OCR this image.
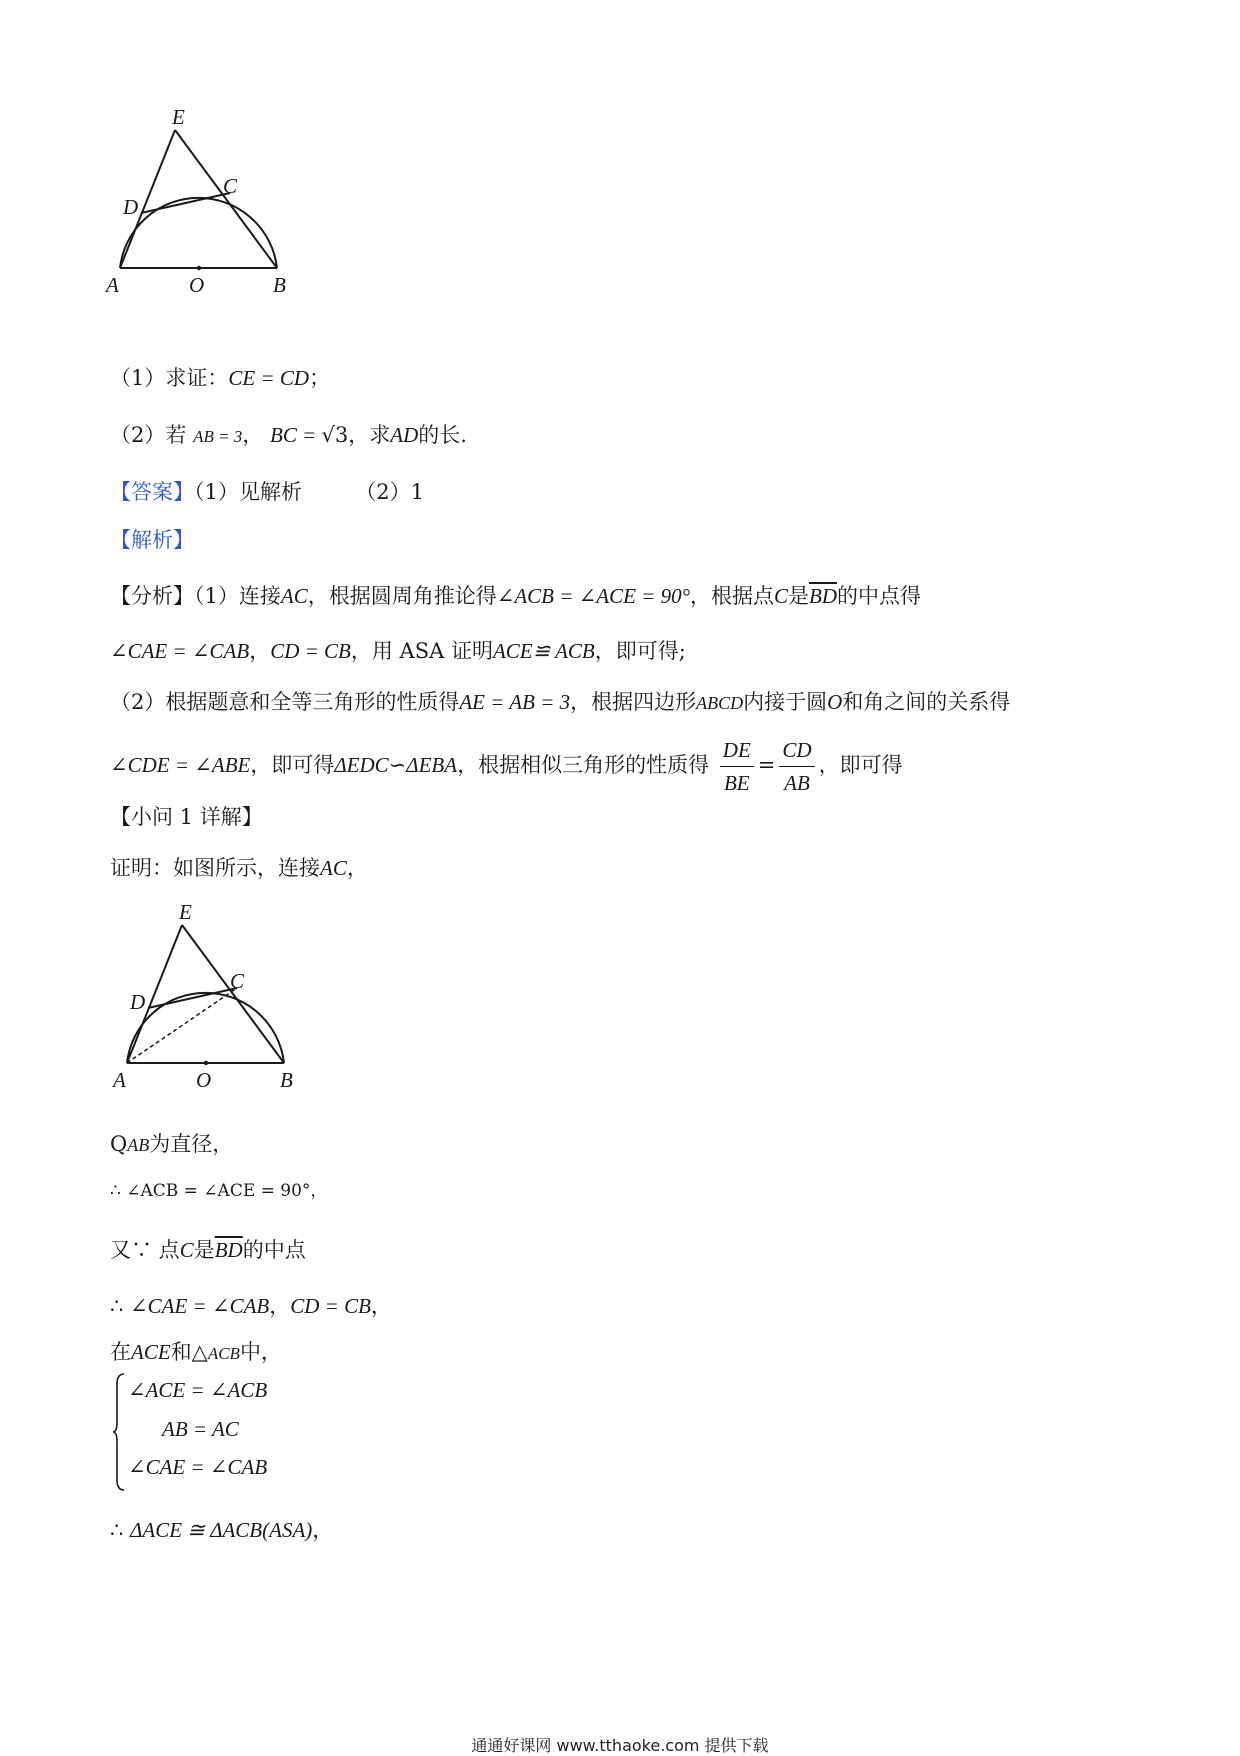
E
D
C
A	O	B
（1）求证：CE = CD；
（2）若 AB = 3， BC = √3，求AD的长.
【答案】（1）见解析	（2）1
【解析】
【分析】（1）连接AC，根据圆周角推论得∠ACB = ∠ACE = 90°，根据点C是$\overline{BD}$的中点得
∠CAE = ∠CAB，CD = CB，用 ASA 证明ACE≌ ACB，即可得;
（2）根据题意和全等三角形的性质得AE = AB = 3，根据四边形ABCD内接于圆O和角之间的关系得
∠CDE = ∠ABE，即可得ΔEDC∽ΔEBA，根据相似三角形的性质得 $\frac{DE}{BE} = \frac{CD}{AB}$ ，即可得
【小问 1 详解】
证明：如图所示，连接AC，
E
D
C
A	O	B
QAB为直径，
∴ ∠ACB = ∠ACE = 90°，
又∵ 点C是$\overline{BD}$的中点
∴ ∠CAE = ∠CAB，CD = CB，
在ACE和△ACB中，
∠ACE = ∠ACB
AB = AC
∠CAE = ∠CAB
∴ ΔACE ≅ ΔACB(ASA)，
通通好课网 www.tthaoke.com 提供下载
